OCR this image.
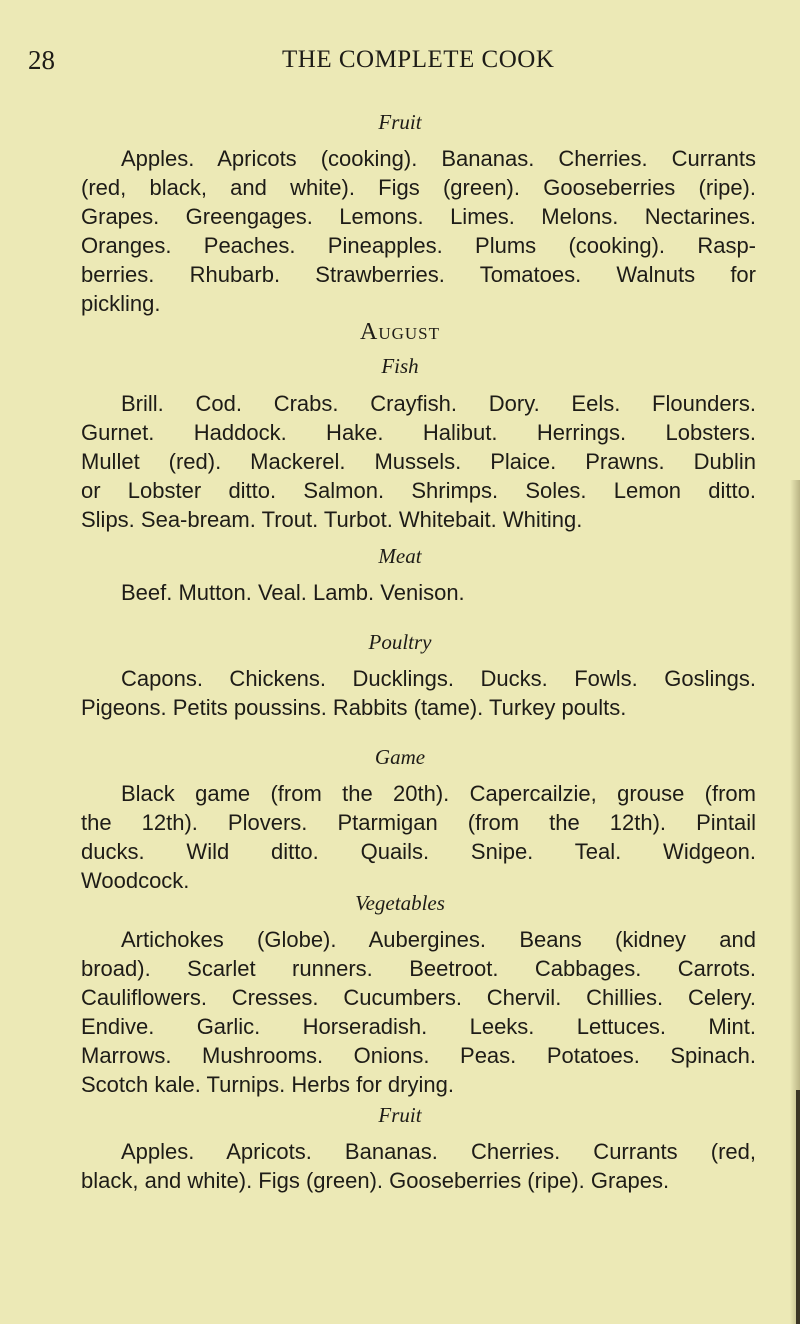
28	THE COMPLETE COOK
Fruit
Apples. Apricots (cooking). Bananas. Cherries. Currants
(red, black, and white). Figs (green). Gooseberries (ripe).
Grapes. Greengages. Lemons. Limes. Melons. Nectarines.
Oranges. Peaches. Pineapples. Plums (cooking). Rasp-
berries. Rhubarb. Strawberries. Tomatoes. Walnuts for
pickling.
August
Fish
Brill. Cod. Crabs. Crayfish. Dory. Eels. Flounders.
Gurnet. Haddock. Hake. Halibut. Herrings. Lobsters.
Mullet (red). Mackerel. Mussels. Plaice. Prawns. Dublin
or Lobster ditto. Salmon. Shrimps. Soles. Lemon ditto.
Slips. Sea-bream. Trout. Turbot. Whitebait. Whiting.
Meat
Beef. Mutton. Veal. Lamb. Venison.
Poultry
Capons. Chickens. Ducklings. Ducks. Fowls. Goslings.
Pigeons. Petits poussins. Rabbits (tame). Turkey poults.
Game
Black game (from the 20th). Capercailzie, grouse (from
the 12th). Plovers. Ptarmigan (from the 12th). Pintail
ducks. Wild ditto. Quails. Snipe. Teal. Widgeon.
Woodcock.
Vegetables
Artichokes (Globe). Aubergines. Beans (kidney and
broad). Scarlet runners. Beetroot. Cabbages. Carrots.
Cauliflowers. Cresses. Cucumbers. Chervil. Chillies. Celery.
Endive. Garlic. Horseradish. Leeks. Lettuces. Mint.
Marrows. Mushrooms. Onions. Peas. Potatoes. Spinach.
Scotch kale. Turnips. Herbs for drying.
Fruit
Apples. Apricots. Bananas. Cherries. Currants (red,
black, and white). Figs (green). Gooseberries (ripe). Grapes.
